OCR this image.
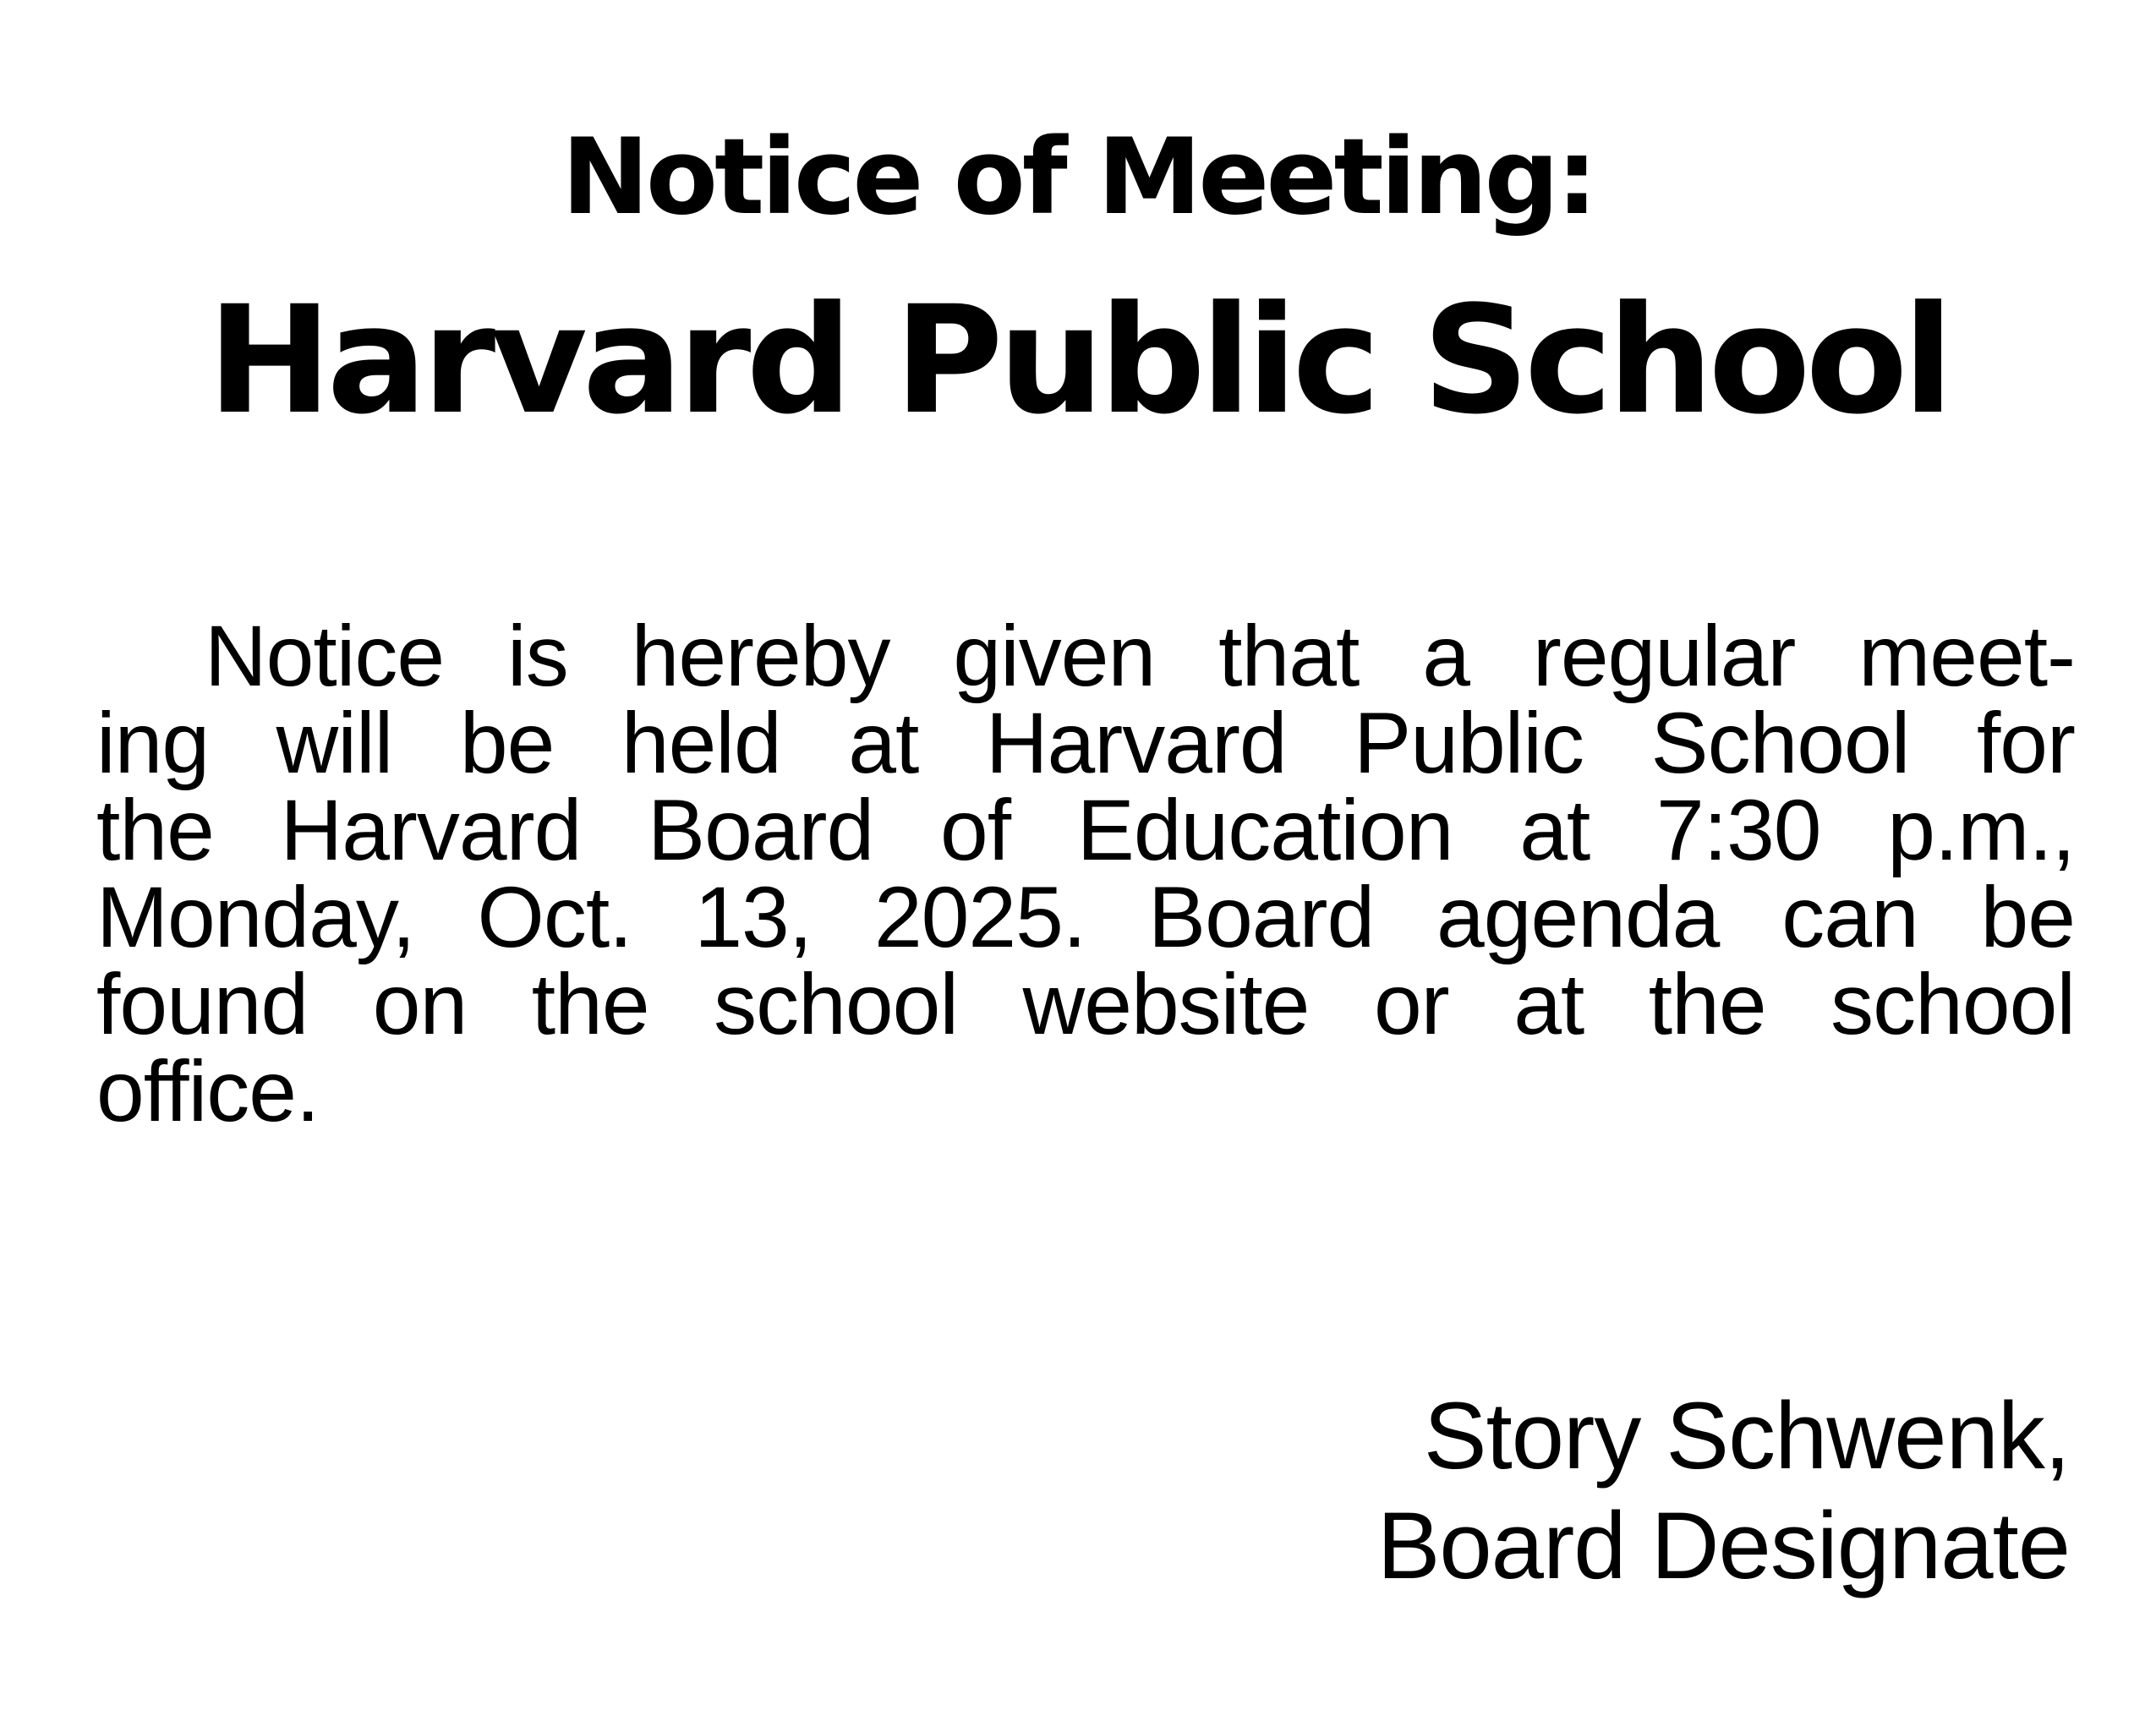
Notice of Meeting:
Harvard Public School
Notice is hereby given that a regular meet-
ing will be held at Harvard Public School for
the Harvard Board of Education at 7:30 p.m.,
Monday, Oct. 13, 2025. Board agenda can be
found on the school website or at the school
office.
Story Schwenk,
Board Designate
